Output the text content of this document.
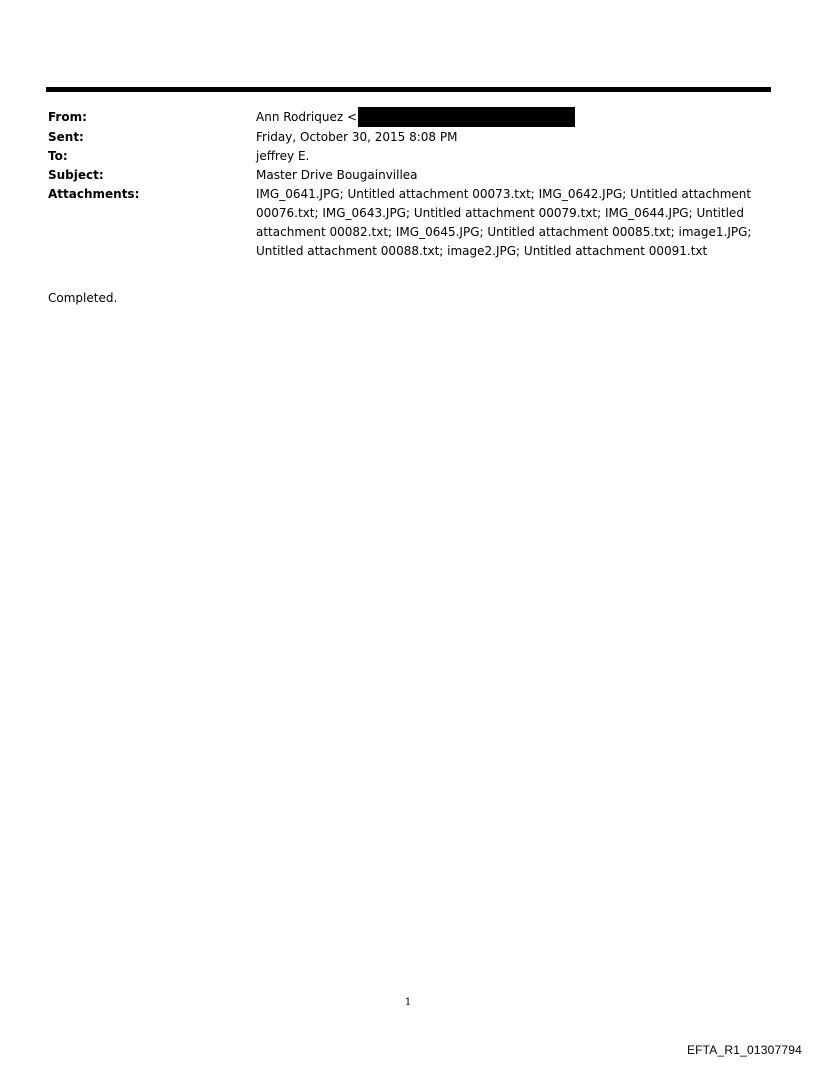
From:	Ann Rodriquez <
Sent:	Friday, October 30, 2015 8:08 PM
To:	jeffrey E.
Subject:	Master Drive Bougainvillea
Attachments:	IMG_0641.JPG; Untitled attachment 00073.txt; IMG_0642.JPG; Untitled attachment 00076.txt; IMG_0643.JPG; Untitled attachment 00079.txt; IMG_0644.JPG; Untitled attachment 00082.txt; IMG_0645.JPG; Untitled attachment 00085.txt; image1.JPG; Untitled attachment 00088.txt; image2.JPG; Untitled attachment 00091.txt
Completed.
1
EFTA_R1_01307794
